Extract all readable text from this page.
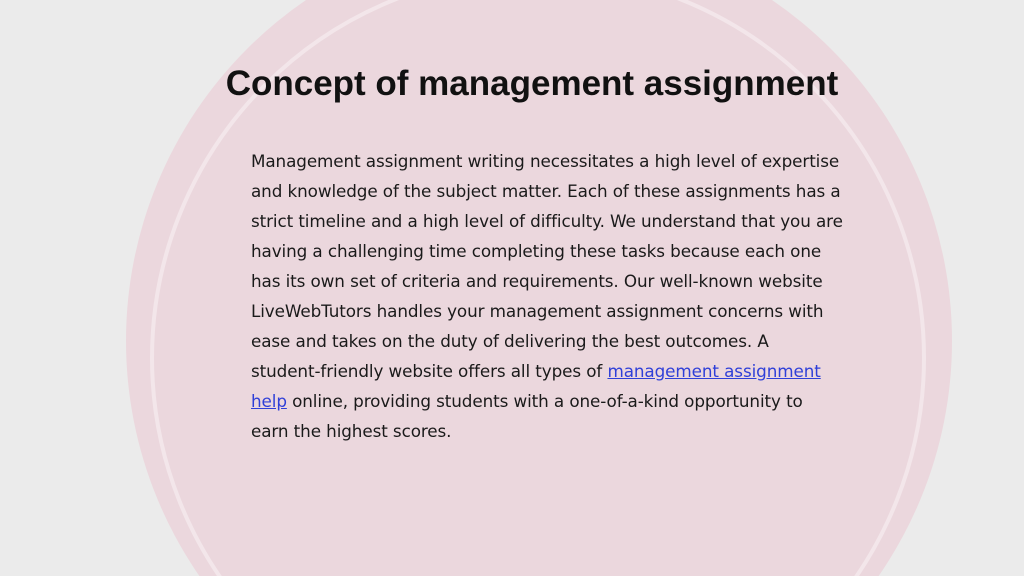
Concept of management assignment

Management assignment writing necessitates a high level of expertise and knowledge of the subject matter. Each of these assignments has a strict timeline and a high level of difficulty. We understand that you are having a challenging time completing these tasks because each one has its own set of criteria and requirements. Our well-known website LiveWebTutors handles your management assignment concerns with ease and takes on the duty of delivering the best outcomes. A student-friendly website offers all types of management assignment help online, providing students with a one-of-a-kind opportunity to earn the highest scores.
